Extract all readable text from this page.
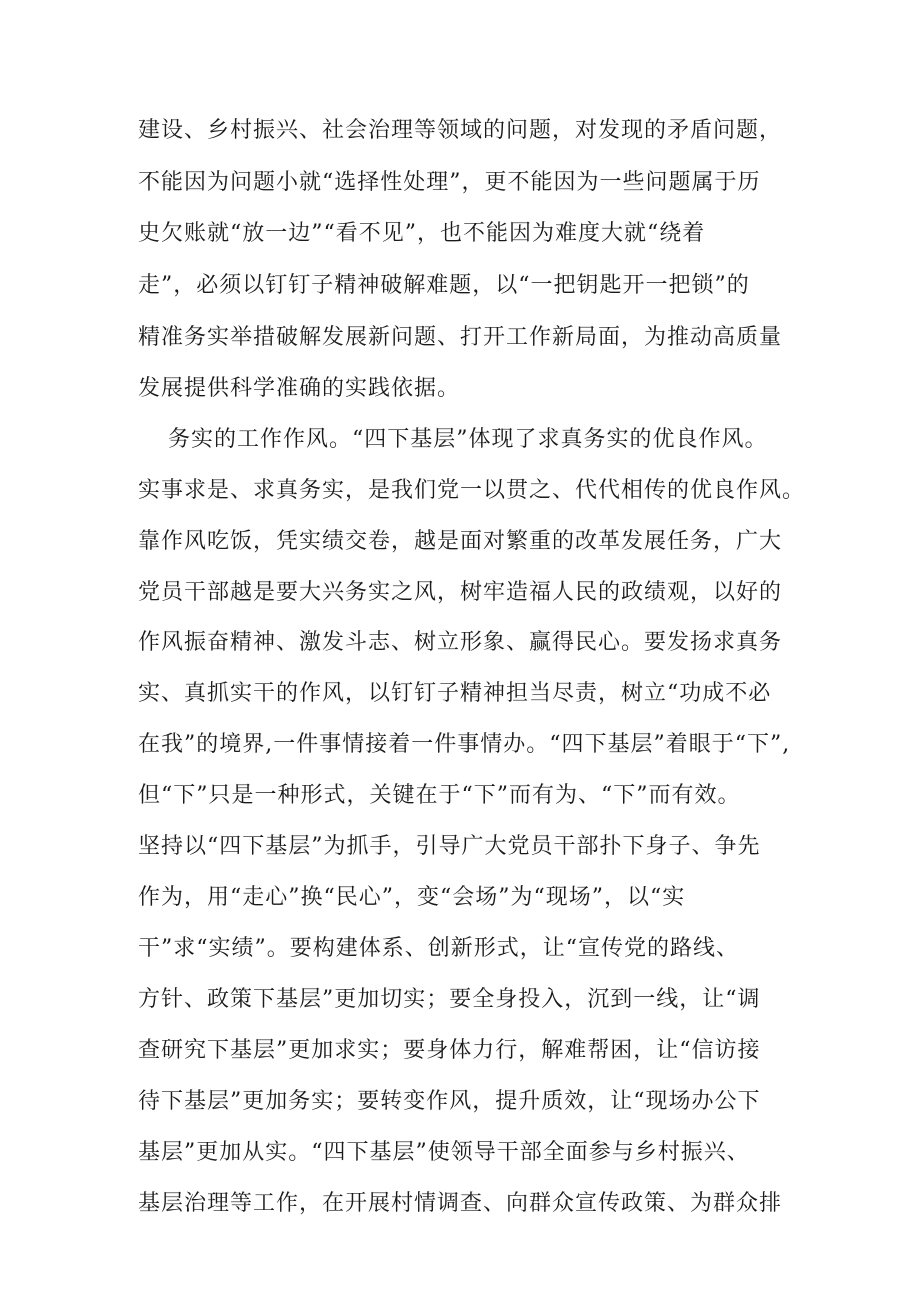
建设、乡村振兴、社会治理等领域的问题，对发现的矛盾问题，
不能因为问题小就“选择性处理”，更不能因为一些问题属于历
史欠账就“放一边”“看不见”，也不能因为难度大就“绕着
走”，必须以钉钉子精神破解难题，以“一把钥匙开一把锁”的
精准务实举措破解发展新问题、打开工作新局面，为推动高质量
发展提供科学准确的实践依据。
务实的工作作风。“四下基层”体现了求真务实的优良作风。
实事求是、求真务实，是我们党一以贯之、代代相传的优良作风。
靠作风吃饭，凭实绩交卷，越是面对繁重的改革发展任务，广大
党员干部越是要大兴务实之风，树牢造福人民的政绩观，以好的
作风振奋精神、激发斗志、树立形象、赢得民心。要发扬求真务
实、真抓实干的作风，以钉钉子精神担当尽责，树立“功成不必
在我”的境界,一件事情接着一件事情办。“四下基层”着眼于“下”,
但“下”只是一种形式，关键在于“下”而有为、“下”而有效。
坚持以“四下基层”为抓手，引导广大党员干部扑下身子、争先
作为，用“走心”换“民心”，变“会场”为“现场”，以“实
干”求“实绩”。要构建体系、创新形式，让“宣传党的路线、
方针、政策下基层”更加切实；要全身投入，沉到一线，让“调
查研究下基层”更加求实；要身体力行，解难帮困，让“信访接
待下基层”更加务实；要转变作风，提升质效，让“现场办公下
基层”更加从实。“四下基层”使领导干部全面参与乡村振兴、
基层治理等工作，在开展村情调查、向群众宣传政策、为群众排
